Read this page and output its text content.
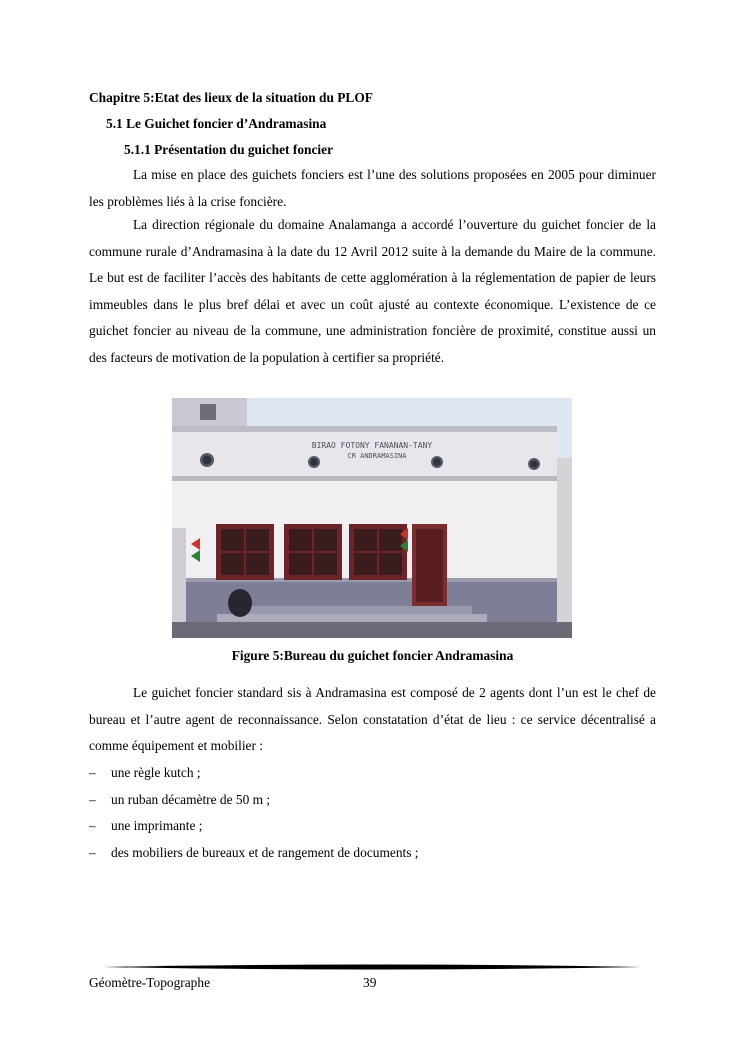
Chapitre 5:Etat des lieux de la situation du PLOF
5.1 Le Guichet foncier d’Andramasina
5.1.1 Présentation du guichet foncier

La mise en place des guichets fonciers est l’une des solutions proposées en 2005 pour diminuer les problèmes liés à la crise foncière.

La direction régionale du domaine Analamanga a accordé l’ouverture du guichet foncier de la commune rurale d’Andramasina à la date du 12 Avril 2012 suite à la demande du Maire de la commune. Le but est de faciliter l’accès des habitants de cette agglomération à la réglementation de papier de leurs immeubles dans le plus bref délai et avec un coût ajusté au contexte économique. L’existence de ce guichet foncier au niveau de la commune, une administration foncière de proximité, constitue aussi un des facteurs de motivation de la population à certifier sa propriété.

BIRAO FOTONY FANANAN-TANY
CR ANDRAMASINA
Figure 5:Bureau du guichet foncier Andramasina

Le guichet foncier standard sis à Andramasina est composé de 2 agents dont l’un est le chef de bureau et l’autre agent de reconnaissance. Selon constatation d’état de lieu : ce service décentralisé a comme équipement et mobilier :

– une règle kutch ;
– un ruban décamètre de 50 m ;
– une imprimante ;
– des mobiliers de bureaux et de rangement de documents ;
Géomètre-Topographe	39
